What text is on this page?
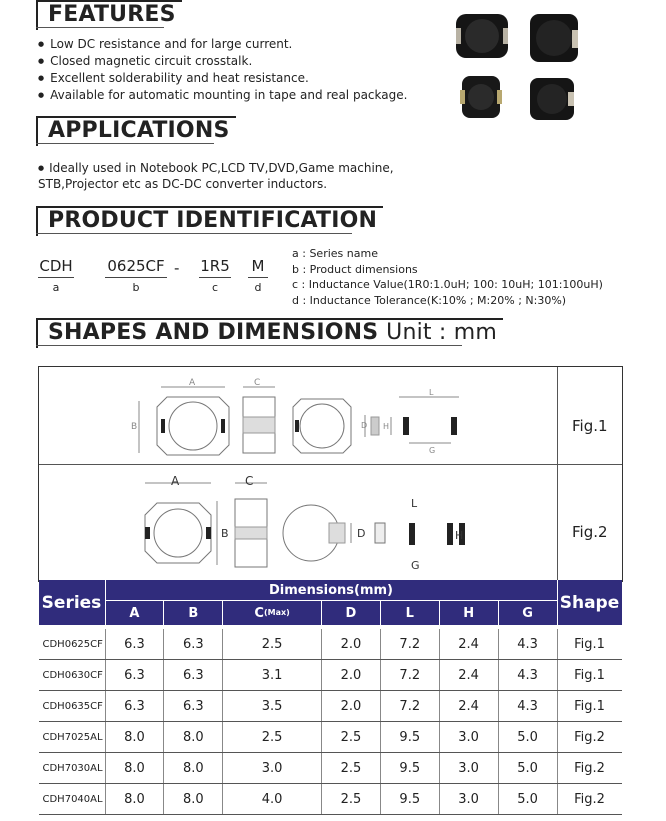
FEATURES
● Low DC resistance and for large current.
● Closed magnetic circuit crosstalk.
● Excellent solderability and heat resistance.
● Available for automatic mounting in tape and real package.
APPLICATIONS
● Ideally used in Notebook PC,LCD TV,DVD,Game machine,
STB,Projector etc as DC-DC converter inductors.
PRODUCT IDENTIFICATION
CDH
a
0625CF
b
- 1R5
c
M
d
a : Series name
b : Product dimensions
c : Inductance Value(1R0:1.0uH; 100: 10uH; 101:100uH)
d : Inductance Tolerance(K:10% ; M:20% ; N:30%)
SHAPES AND DIMENSIONS Unit : mm
Fig.1
Fig.2
A
B
C
D
L
G
H
A
B
C
D
L
G
H
Series	Dimensions(mm)							Shape
	A	B	C(Max)	D	L	H	G	

CDH0625CF	6.3	6.3	2.5	2.0	7.2	2.4	4.3	Fig.1
CDH0630CF	6.3	6.3	3.1	2.0	7.2	2.4	4.3	Fig.1
CDH0635CF	6.3	6.3	3.5	2.0	7.2	2.4	4.3	Fig.1
CDH7025AL	8.0	8.0	2.5	2.5	9.5	3.0	5.0	Fig.2
CDH7030AL	8.0	8.0	3.0	2.5	9.5	3.0	5.0	Fig.2
CDH7040AL	8.0	8.0	4.0	2.5	9.5	3.0	5.0	Fig.2
